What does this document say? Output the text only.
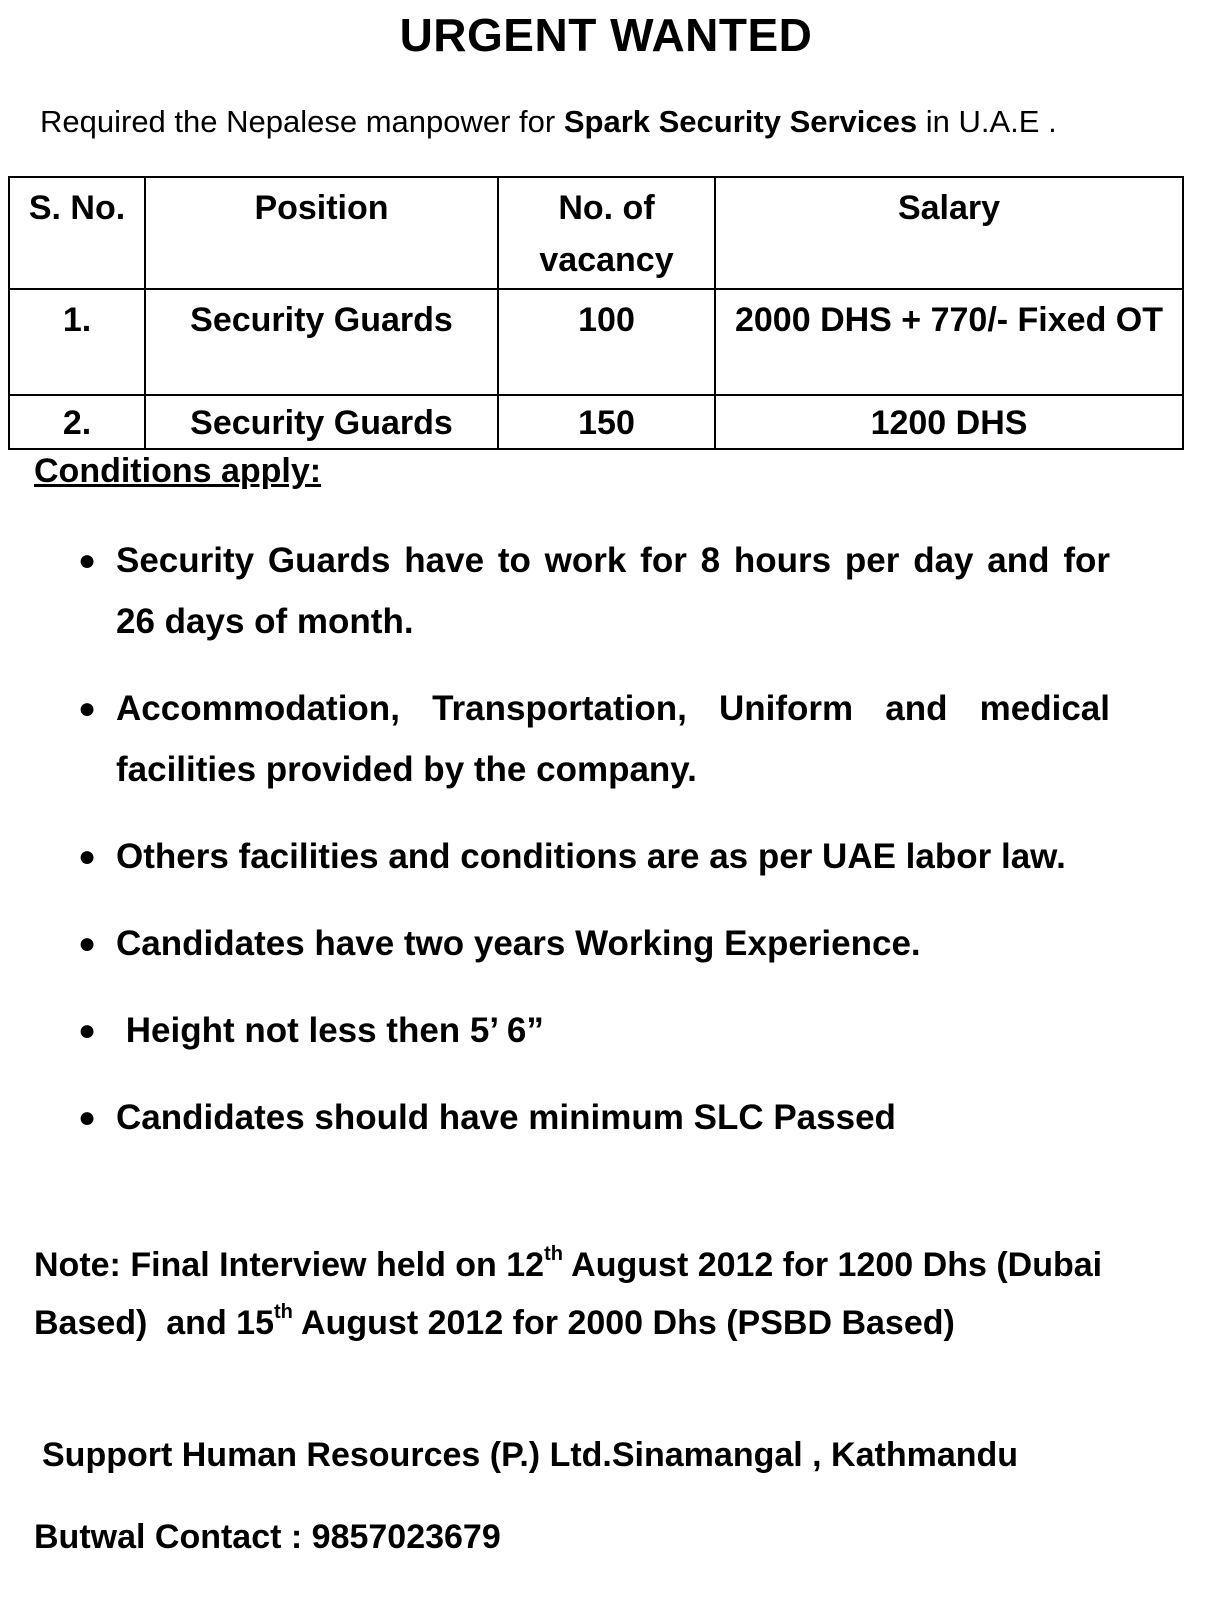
URGENT WANTED
Required the Nepalese manpower for Spark Security Services in U.A.E .
S. No.	Position	No. of vacancy	Salary
1.	Security Guards	100	2000 DHS + 770/- Fixed OT
2.	Security Guards	150	1200 DHS
Conditions apply:
● Security Guards have to work for 8 hours per day and for 26 days of month.
● Accommodation, Transportation, Uniform and medical facilities provided by the company.
● Others facilities and conditions are as per UAE labor law.
● Candidates have two years Working Experience.
● Height not less then 5’ 6”
● Candidates should have minimum SLC Passed
Note: Final Interview held on 12th August 2012 for 1200 Dhs (Dubai Based)  and 15th August 2012 for 2000 Dhs (PSBD Based)
Support Human Resources (P.) Ltd.Sinamangal , Kathmandu
Butwal Contact : 9857023679
